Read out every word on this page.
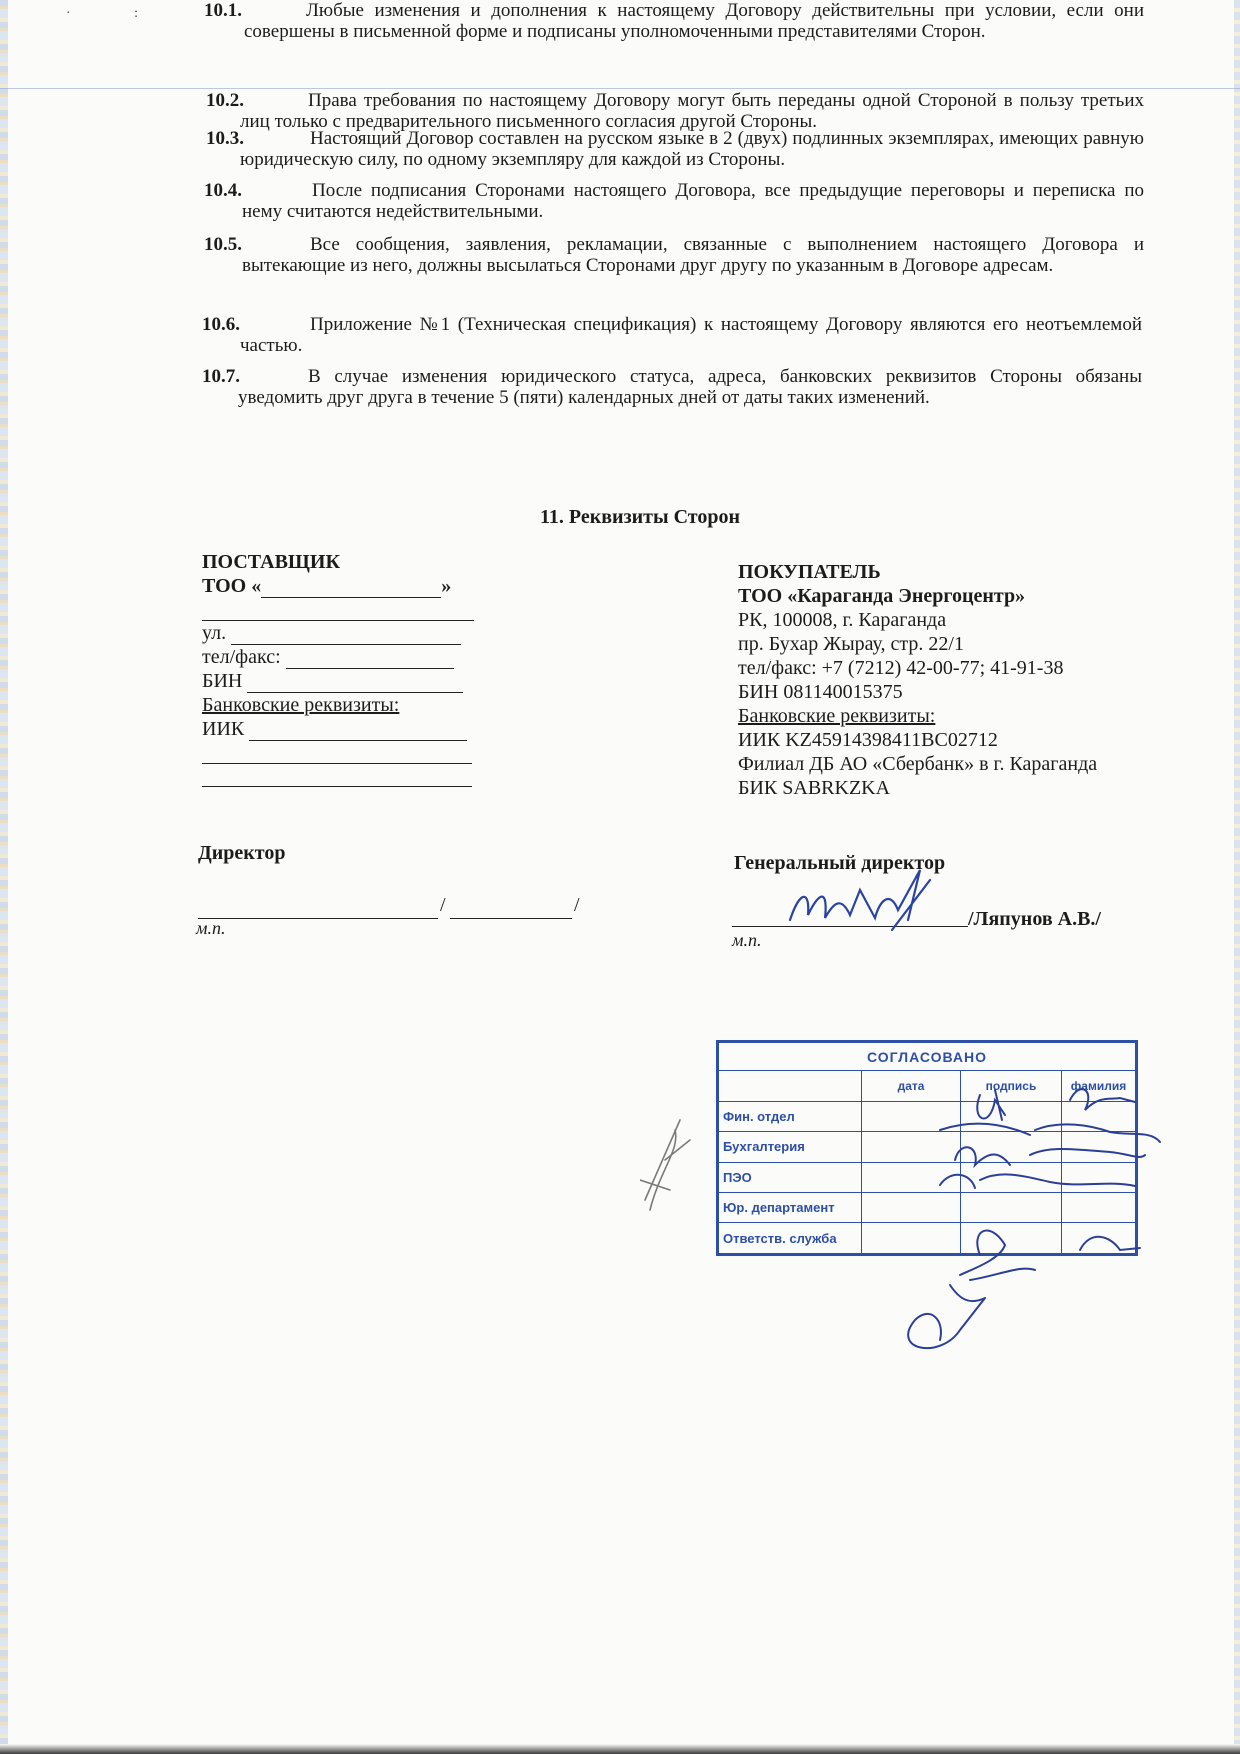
· : 10.1.	Любые изменения и дополнения к настоящему Договору действительны при условии, если они совершены в письменной форме и подписаны уполномоченными представителями Сторон.
10.2.	Права требования по настоящему Договору могут быть переданы одной Стороной в пользу третьих лиц только с предварительного письменного согласия другой Стороны.
10.3.	Настоящий Договор составлен на русском языке в 2 (двух) подлинных экземплярах, имеющих равную юридическую силу, по одному экземпляру для каждой из Стороны.
10.4.	После подписания Сторонами настоящего Договора, все предыдущие переговоры и переписка по нему считаются недействительными.
10.5.	Все сообщения, заявления, рекламации, связанные с выполнением настоящего Договора и вытекающие из него, должны высылаться Сторонами друг другу по указанным в Договоре адресам.
10.6.	Приложение №1 (Техническая спецификация) к настоящему Договору являются его неотъемлемой частью.
10.7.	В случае изменения юридического статуса, адреса, банковских реквизитов Стороны обязаны уведомить друг друга в течение 5 (пяти) календарных дней от даты таких изменений.
11. Реквизиты Сторон
ПОСТАВЩИК
ТОО «	»
ул.
тел/факс:
БИН
Банковские реквизиты:
ИИК
Директор
/	/
м.п.
ПОКУПАТЕЛЬ
ТОО «Караганда Энергоцентр»
РК, 100008, г. Караганда
пр. Бухар Жырау, стр. 22/1
тел/факс: +7 (7212) 42-00-77; 41-91-38
БИН 081140015375
Банковские реквизиты:
ИИК KZ45914398411BC02712
Филиал ДБ АО «Сбербанк» в г. Караганда
БИК SABRKZKA
Генеральный директор
/Ляпунов А.В./
м.п.
СОГЛАСОВАНО			
	дата	подпись	фамилия
Фин. отдел			
Бухгалтерия			
ПЭО			
Юр. департамент			
Ответств. служба			
